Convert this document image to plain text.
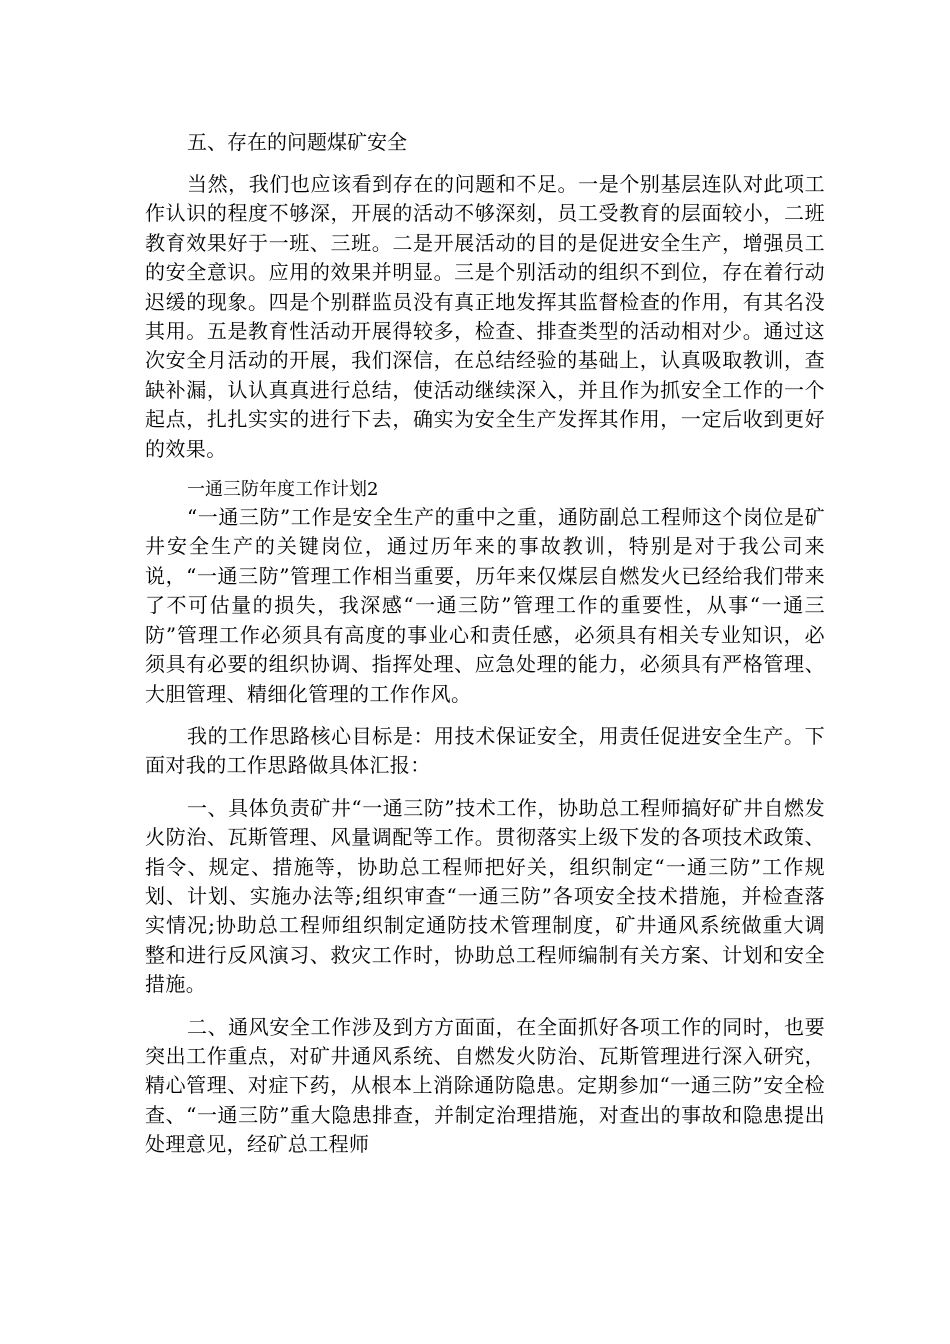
五、存在的问题煤矿安全

当然，我们也应该看到存在的问题和不足。一是个别基层连队对此项工作认识的程度不够深，开展的活动不够深刻，员工受教育的层面较小，二班教育效果好于一班、三班。二是开展活动的目的是促进安全生产，增强员工的安全意识。应用的效果并明显。三是个别活动的组织不到位，存在着行动迟缓的现象。四是个别群监员没有真正地发挥其监督检查的作用，有其名没其用。五是教育性活动开展得较多，检查、排查类型的活动相对少。通过这次安全月活动的开展，我们深信，在总结经验的基础上，认真吸取教训，查缺补漏，认认真真进行总结，使活动继续深入，并且作为抓安全工作的一个起点，扎扎实实的进行下去，确实为安全生产发挥其作用，一定后收到更好的效果。

一通三防年度工作计划2

“一通三防”工作是安全生产的重中之重，通防副总工程师这个岗位是矿井安全生产的关键岗位，通过历年来的事故教训，特别是对于我公司来说，“一通三防”管理工作相当重要，历年来仅煤层自燃发火已经给我们带来了不可估量的损失，我深感“一通三防”管理工作的重要性，从事“一通三防”管理工作必须具有高度的事业心和责任感，必须具有相关专业知识，必须具有必要的组织协调、指挥处理、应急处理的能力，必须具有严格管理、大胆管理、精细化管理的工作作风。

我的工作思路核心目标是：用技术保证安全，用责任促进安全生产。下面对我的工作思路做具体汇报：

一、具体负责矿井“一通三防”技术工作，协助总工程师搞好矿井自燃发火防治、瓦斯管理、风量调配等工作。贯彻落实上级下发的各项技术政策、指令、规定、措施等，协助总工程师把好关，组织制定“一通三防”工作规划、计划、实施办法等;组织审查“一通三防”各项安全技术措施，并检查落实情况;协助总工程师组织制定通防技术管理制度，矿井通风系统做重大调整和进行反风演习、救灾工作时，协助总工程师编制有关方案、计划和安全措施。

二、通风安全工作涉及到方方面面，在全面抓好各项工作的同时，也要突出工作重点，对矿井通风系统、自燃发火防治、瓦斯管理进行深入研究，精心管理、对症下药，从根本上消除通防隐患。定期参加“一通三防”安全检查、“一通三防”重大隐患排查，并制定治理措施，对查出的事故和隐患提出处理意见，经矿总工程师
